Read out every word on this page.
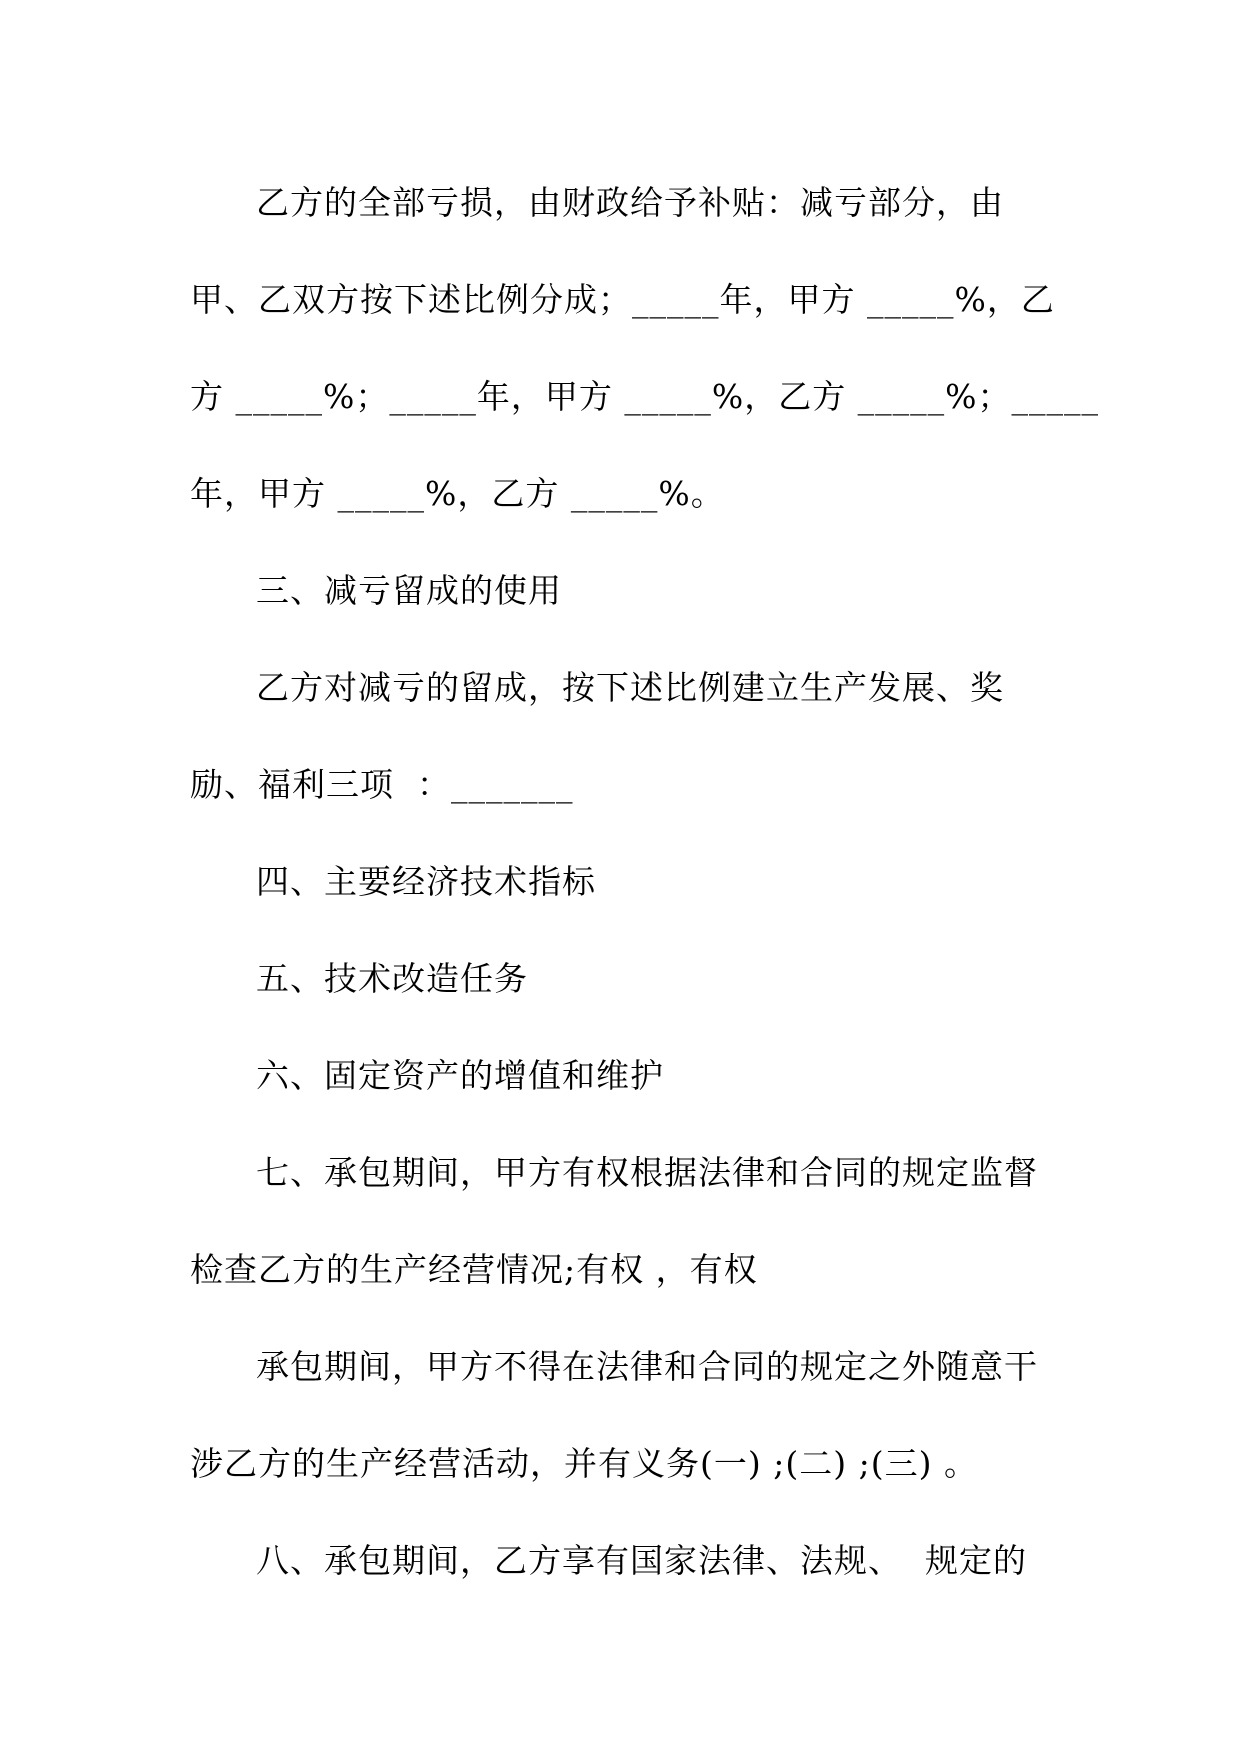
乙方的全部亏损，由财政给予补贴：减亏部分，由
甲、乙双方按下述比例分成；_____年，甲方 _____%，乙
方 _____%；_____年，甲方 _____%，乙方 _____%；_____
年，甲方 _____%，乙方 _____%。
三、减亏留成的使用
乙方对减亏的留成，按下述比例建立生产发展、奖
励、福利三项  ：_______
四、主要经济技术指标
五、技术改造任务
六、固定资产的增值和维护
七、承包期间，甲方有权根据法律和合同的规定监督
检查乙方的生产经营情况;有权 ，有权
承包期间，甲方不得在法律和合同的规定之外随意干
涉乙方的生产经营活动，并有义务(一) ;(二) ;(三) 。
八、承包期间，乙方享有国家法律、法规、  规定的
